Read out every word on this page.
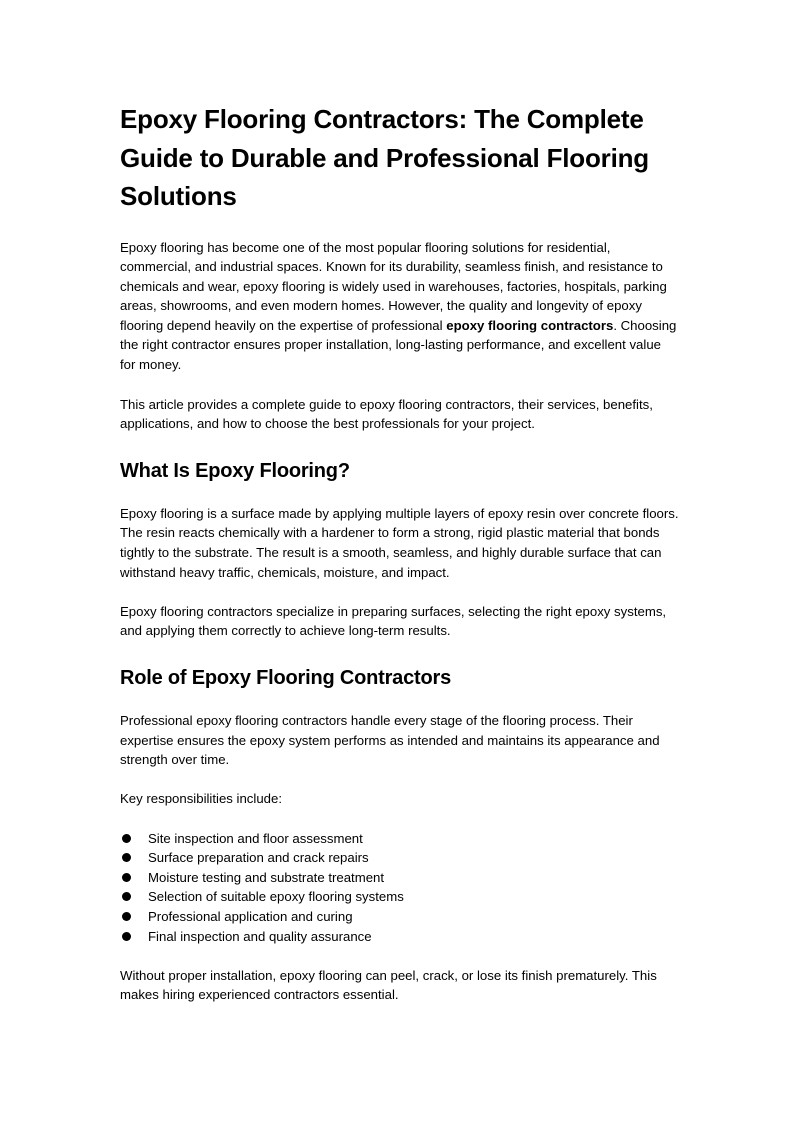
Epoxy Flooring Contractors: The Complete Guide to Durable and Professional Flooring Solutions

Epoxy flooring has become one of the most popular flooring solutions for residential, commercial, and industrial spaces. Known for its durability, seamless finish, and resistance to chemicals and wear, epoxy flooring is widely used in warehouses, factories, hospitals, parking areas, showrooms, and even modern homes. However, the quality and longevity of epoxy flooring depend heavily on the expertise of professional epoxy flooring contractors. Choosing the right contractor ensures proper installation, long-lasting performance, and excellent value for money.

This article provides a complete guide to epoxy flooring contractors, their services, benefits, applications, and how to choose the best professionals for your project.

What Is Epoxy Flooring?

Epoxy flooring is a surface made by applying multiple layers of epoxy resin over concrete floors. The resin reacts chemically with a hardener to form a strong, rigid plastic material that bonds tightly to the substrate. The result is a smooth, seamless, and highly durable surface that can withstand heavy traffic, chemicals, moisture, and impact.

Epoxy flooring contractors specialize in preparing surfaces, selecting the right epoxy systems, and applying them correctly to achieve long-term results.

Role of Epoxy Flooring Contractors

Professional epoxy flooring contractors handle every stage of the flooring process. Their expertise ensures the epoxy system performs as intended and maintains its appearance and strength over time.

Key responsibilities include:

Site inspection and floor assessment
Surface preparation and crack repairs
Moisture testing and substrate treatment
Selection of suitable epoxy flooring systems
Professional application and curing
Final inspection and quality assurance

Without proper installation, epoxy flooring can peel, crack, or lose its finish prematurely. This makes hiring experienced contractors essential.
